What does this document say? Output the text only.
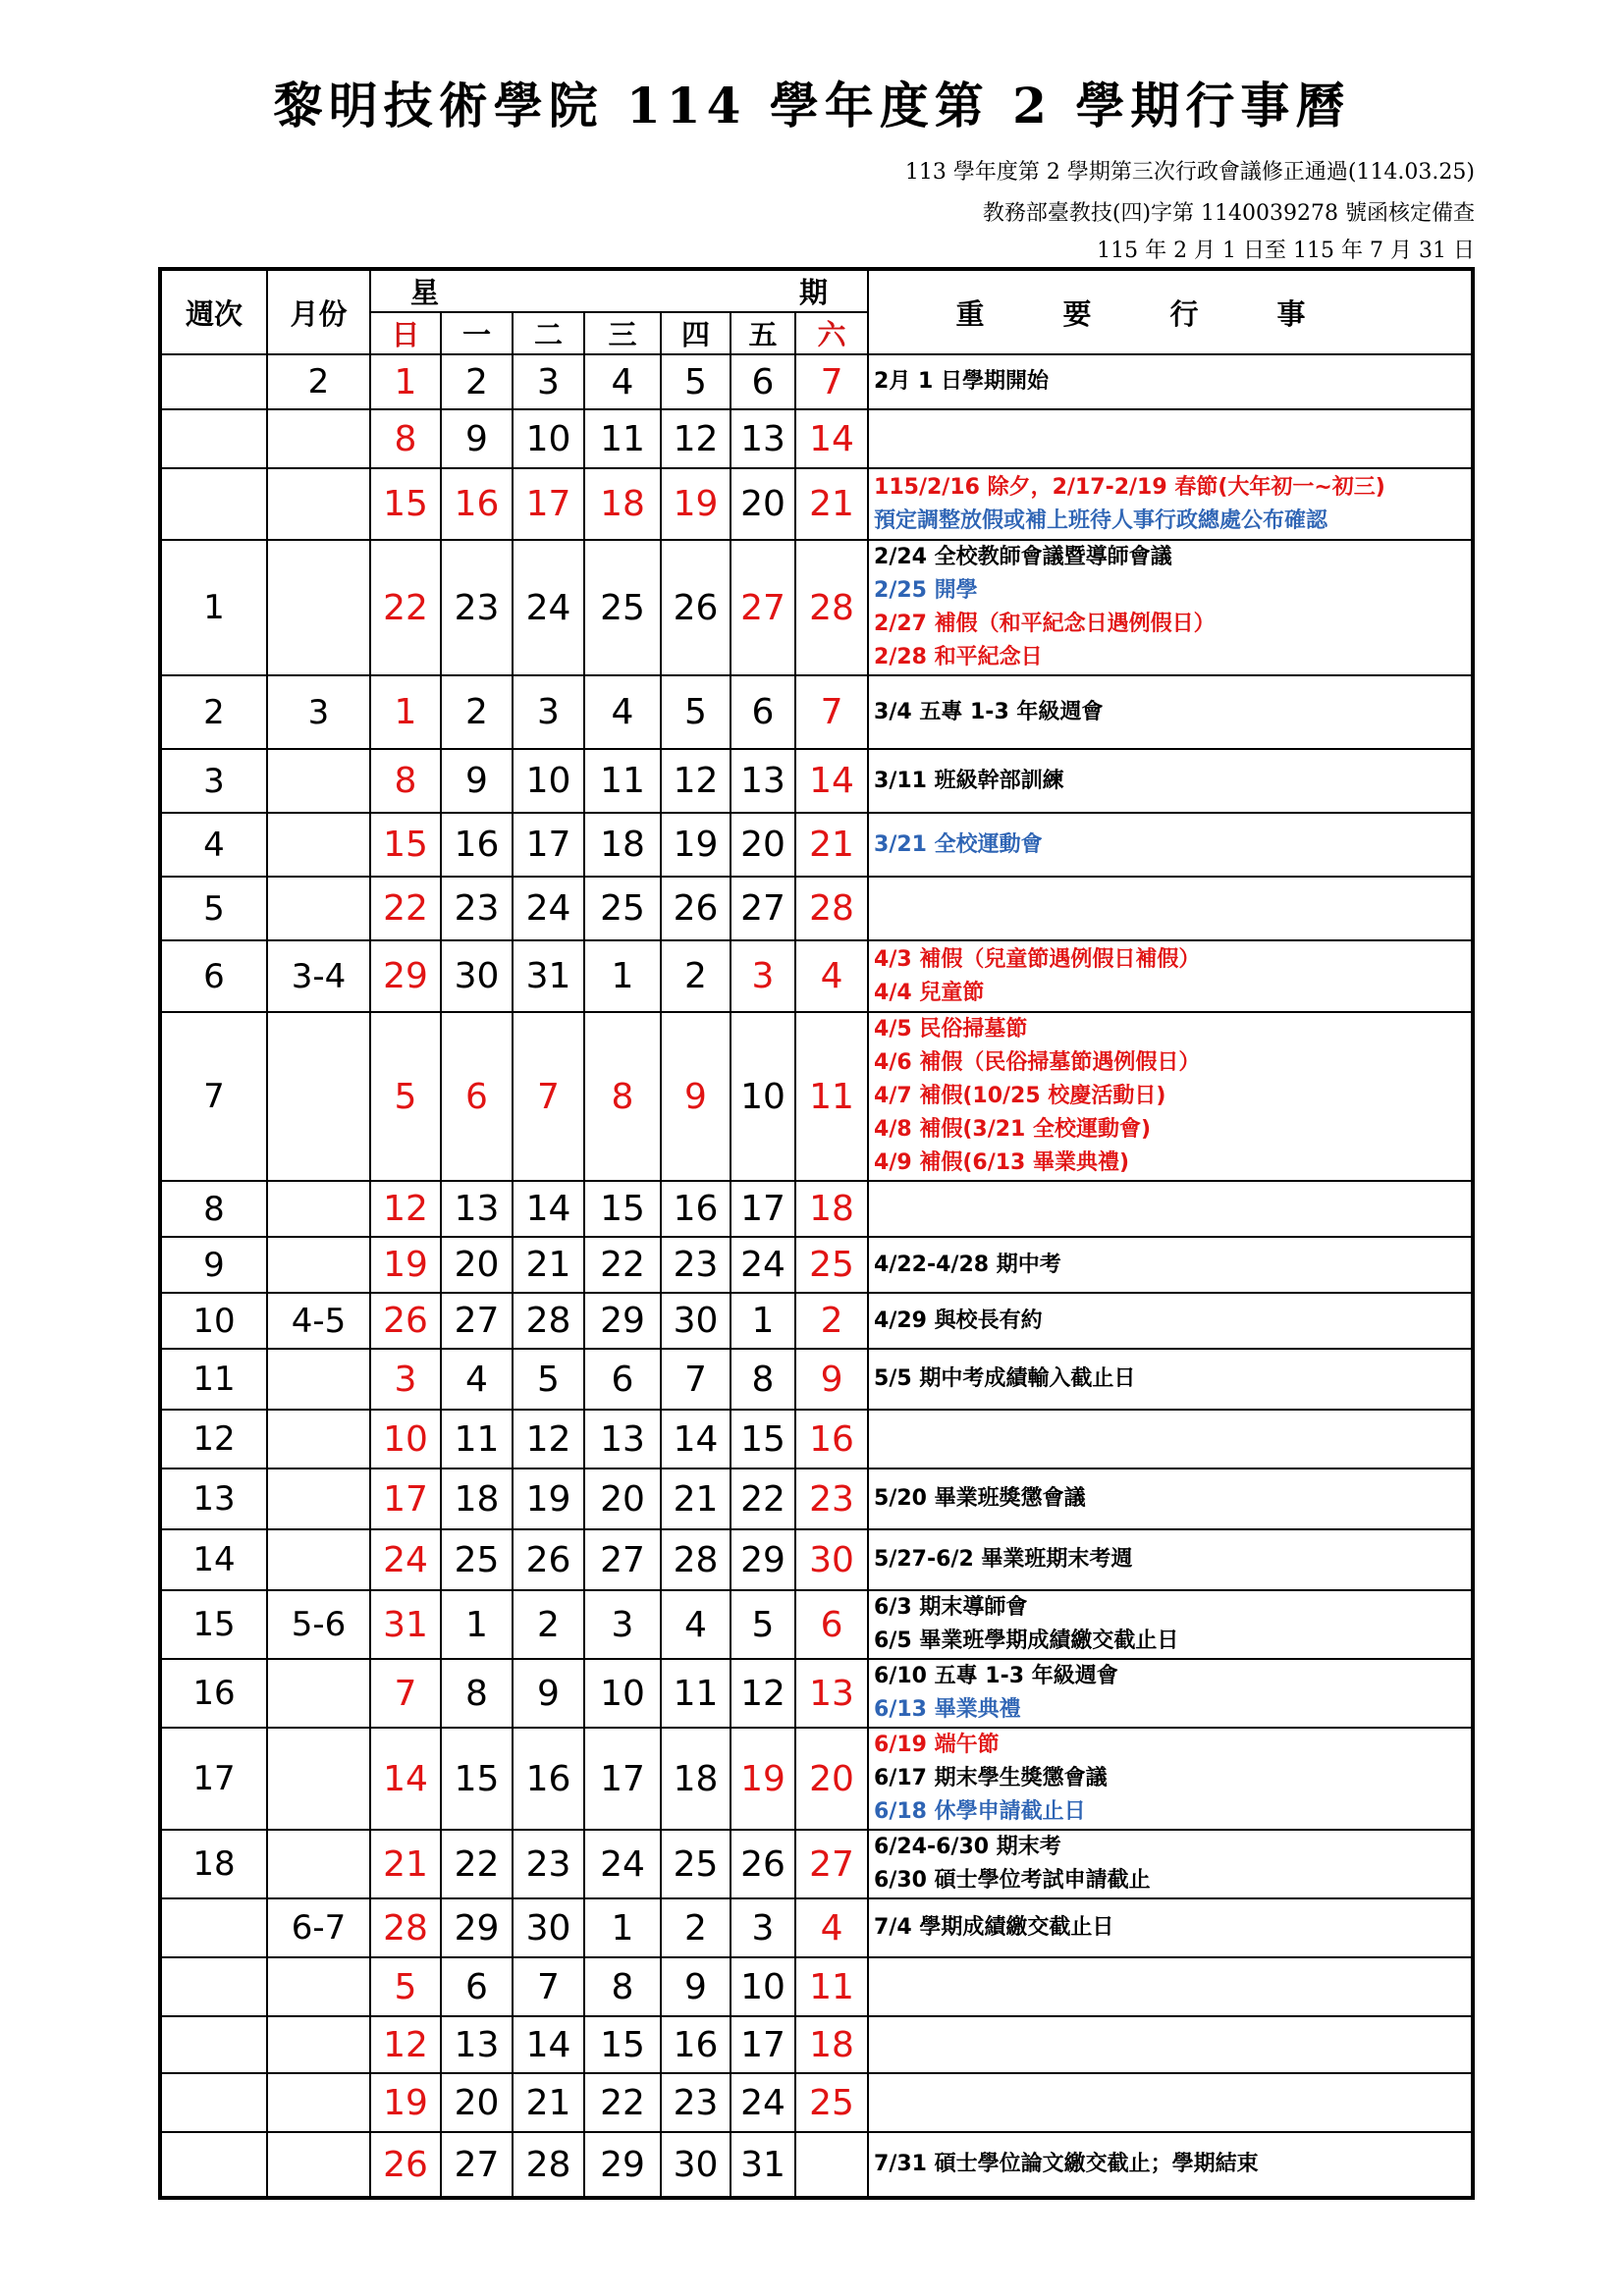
黎明技術學院 114 學年度第 2 學期行事曆
113 學年度第 2 學期第三次行政會議修正通過(114.03.25)
教務部臺教技(四)字第 1140039278 號函核定備查
115 年 2 月 1 日至 115 年 7 月 31 日
週次	月份	星 期							重要行事
		日	一	二	三	四	五	六	
	2	1	2	3	4	5	6	7	2月 1 日學期開始

		8	9	10	11	12	13	14	
		15	16	17	18	19	20	21	115/2/16 除夕，2/17-2/19 春節(大年初一~初三)
預定調整放假或補上班待人事行政總處公布確認

1		22	23	24	25	26	27	28	2/24 全校教師會議暨導師會議
2/25 開學
2/27 補假（和平紀念日遇例假日）
2/28 和平紀念日

2	3	1	2	3	4	5	6	7	3/4 五專 1-3 年級週會

3		8	9	10	11	12	13	14	3/11 班級幹部訓練

4		15	16	17	18	19	20	21	3/21 全校運動會

5		22	23	24	25	26	27	28	
6	3-4	29	30	31	1	2	3	4	4/3 補假（兒童節遇例假日補假）
4/4 兒童節

7		5	6	7	8	9	10	11	4/5 民俗掃墓節
4/6 補假（民俗掃墓節遇例假日）
4/7 補假(10/25 校慶活動日)
4/8 補假(3/21 全校運動會)
4/9 補假(6/13 畢業典禮)

8		12	13	14	15	16	17	18	
9		19	20	21	22	23	24	25	4/22-4/28 期中考

10	4-5	26	27	28	29	30	1	2	4/29 與校長有約

11		3	4	5	6	7	8	9	5/5 期中考成績輸入截止日

12		10	11	12	13	14	15	16	
13		17	18	19	20	21	22	23	5/20 畢業班獎懲會議

14		24	25	26	27	28	29	30	5/27-6/2 畢業班期末考週

15	5-6	31	1	2	3	4	5	6	6/3 期末導師會
6/5 畢業班學期成績繳交截止日

16		7	8	9	10	11	12	13	6/10 五專 1-3 年級週會
6/13 畢業典禮

17		14	15	16	17	18	19	20	6/19 端午節
6/17 期末學生獎懲會議
6/18 休學申請截止日

18		21	22	23	24	25	26	27	6/24-6/30 期末考
6/30 碩士學位考試申請截止

	6-7	28	29	30	1	2	3	4	7/4 學期成績繳交截止日

		5	6	7	8	9	10	11	
		12	13	14	15	16	17	18	
		19	20	21	22	23	24	25	
		26	27	28	29	30	31		7/31 碩士學位論文繳交截止；學期結束
